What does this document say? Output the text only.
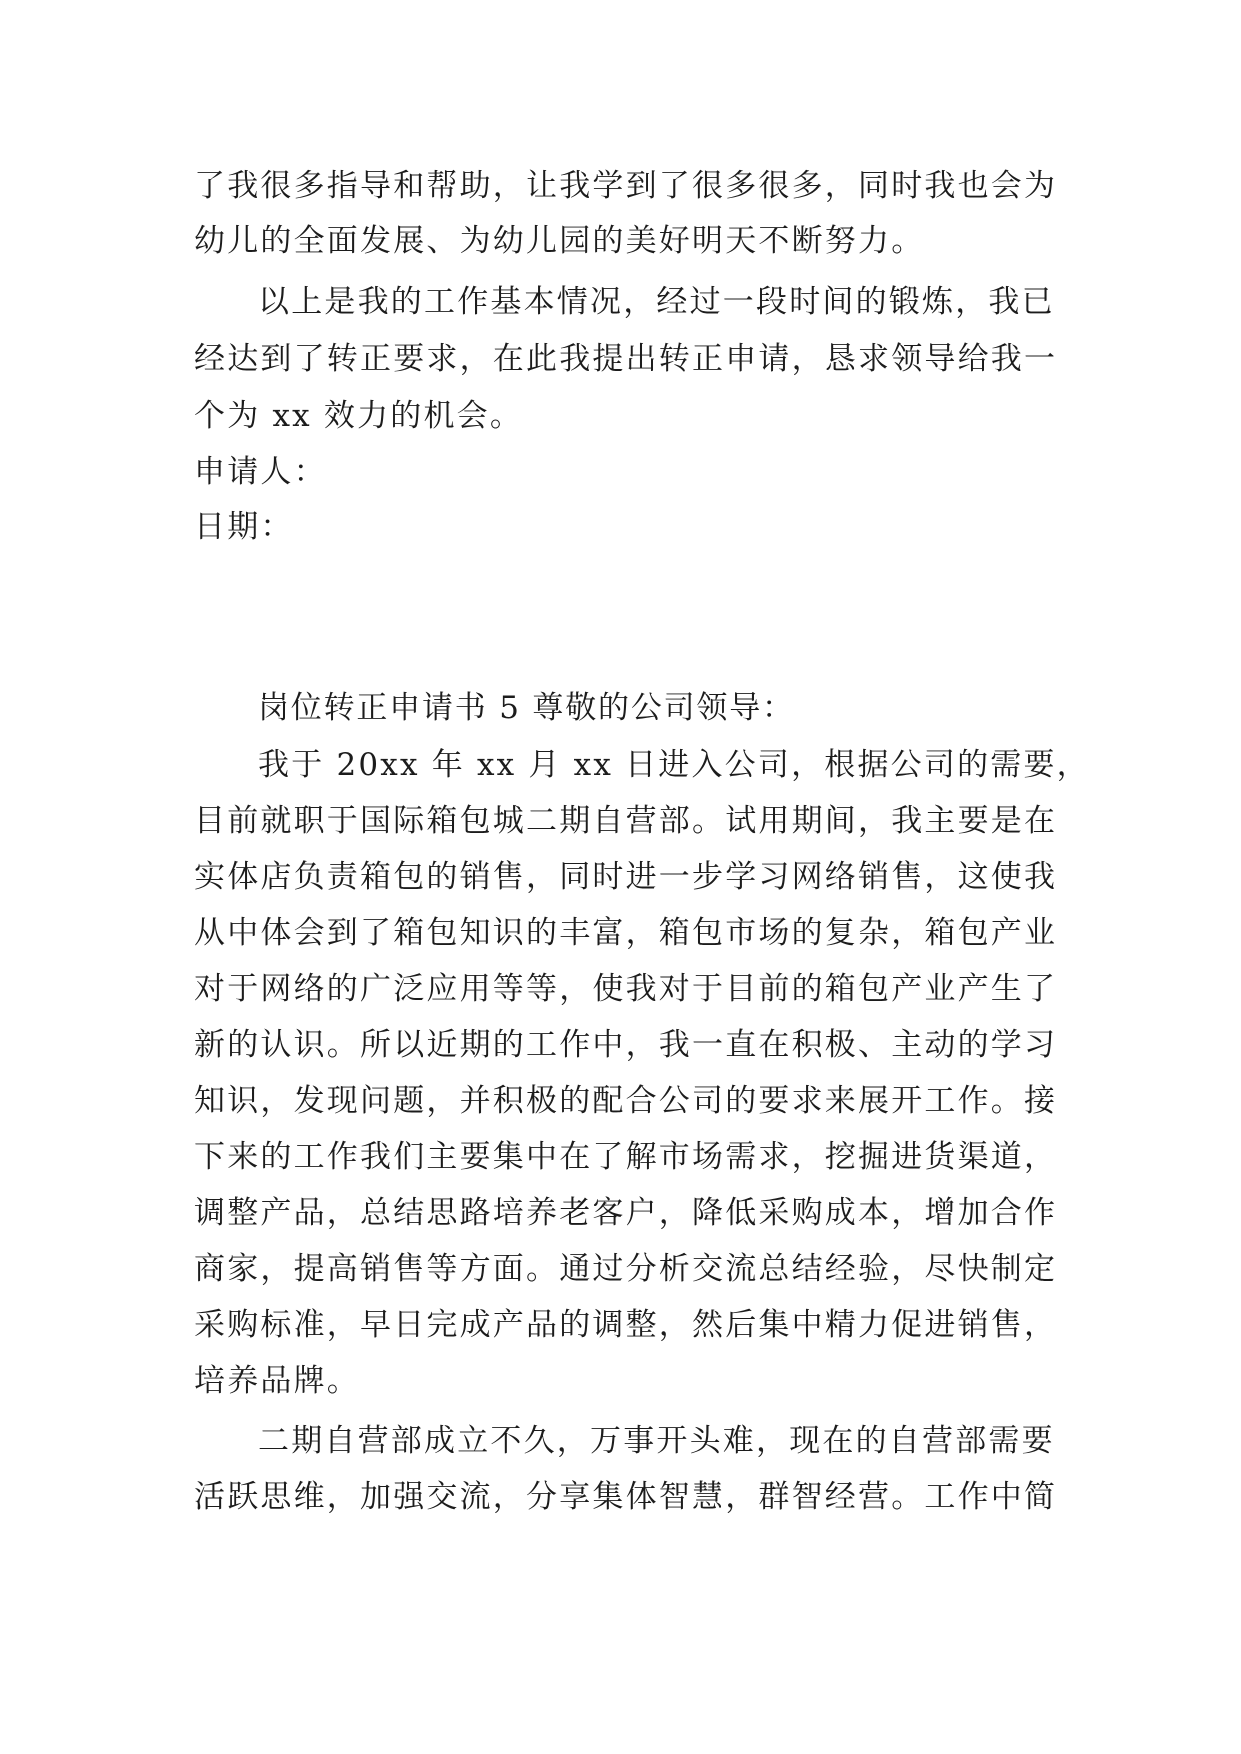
了我很多指导和帮助，让我学到了很多很多，同时我也会为
幼儿的全面发展、为幼儿园的美好明天不断努力。
以上是我的工作基本情况，经过一段时间的锻炼，我已
经达到了转正要求，在此我提出转正申请，恳求领导给我一
个为 xx 效力的机会。
申请人：
日期：
岗位转正申请书 5 尊敬的公司领导：
我于 20xx 年 xx 月 xx 日进入公司，根据公司的需要，
目前就职于国际箱包城二期自营部。试用期间，我主要是在
实体店负责箱包的销售，同时进一步学习网络销售，这使我
从中体会到了箱包知识的丰富，箱包市场的复杂，箱包产业
对于网络的广泛应用等等，使我对于目前的箱包产业产生了
新的认识。所以近期的工作中，我一直在积极、主动的学习
知识，发现问题，并积极的配合公司的要求来展开工作。接
下来的工作我们主要集中在了解市场需求，挖掘进货渠道，
调整产品，总结思路培养老客户，降低采购成本，增加合作
商家，提高销售等方面。通过分析交流总结经验，尽快制定
采购标准，早日完成产品的调整，然后集中精力促进销售，
培养品牌。
二期自营部成立不久，万事开头难，现在的自营部需要
活跃思维，加强交流，分享集体智慧，群智经营。工作中简
